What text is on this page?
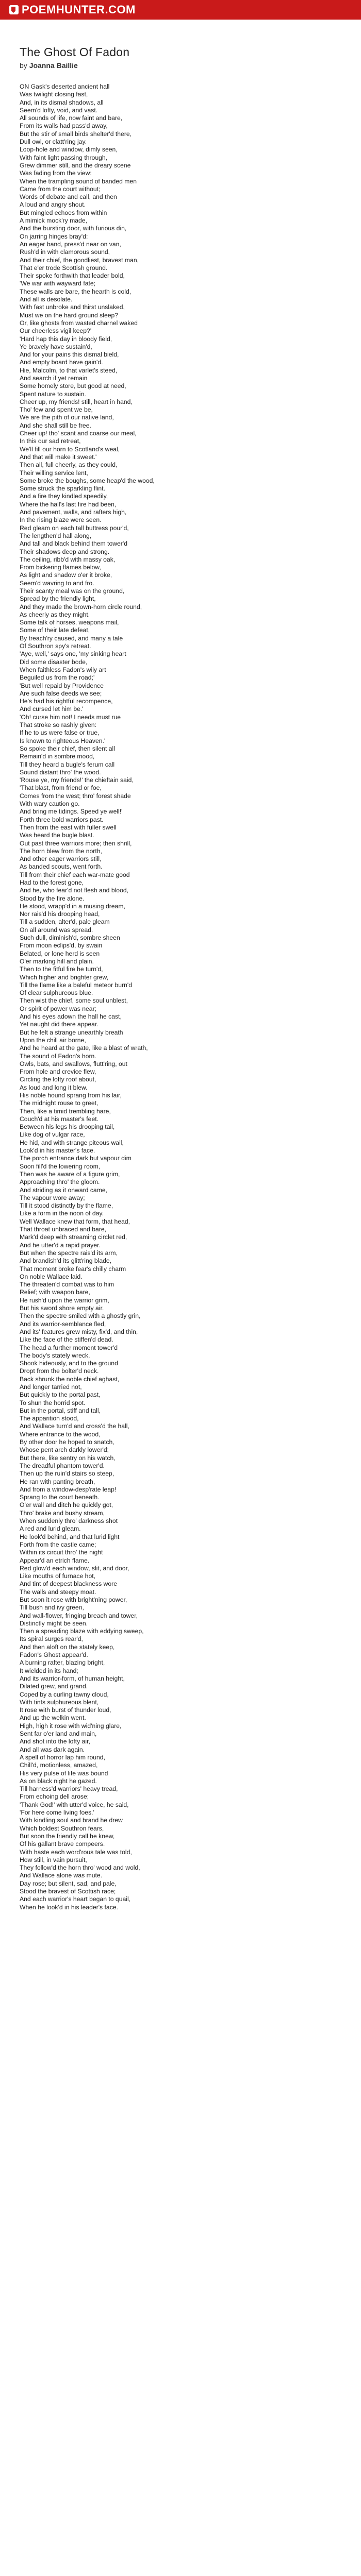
POEMHUNTER.COM
The Ghost Of Fadon
by Joanna Baillie
ON Gask's deserted ancient hall
Was twilight closing fast,
And, in its dismal shadows, all
Seem'd lofty, void, and vast.
All sounds of life, now faint and bare,
From its walls had pass'd away,
But the stir of small birds shelter'd there,
Dull owl, or clatt'ring jay.
Loop-hole and window, dimly seen,
With faint light passing through,
Grew dimmer still, and the dreary scene
Was fading from the view:
When the trampling sound of banded men
Came from the court without;
Words of debate and call, and then
A loud and angry shout.
But mingled echoes from within
A mimick mock'ry made,
And the bursting door, with furious din,
On jarring hinges bray'd:
An eager band, press'd near on van,
Rush'd in with clamorous sound,
And their chief, the goodliest, bravest man,
That e'er trode Scottish ground.
Their spoke forthwith that leader bold,
'We war with wayward fate;
These walls are bare, the hearth is cold,
And all is desolate.
With fast unbroke and thirst unslaked,
Must we on the hard ground sleep?
Or, like ghosts from wasted charnel waked
Our cheerless vigil keep?'
'Hard hap this day in bloody field,
Ye bravely have sustain'd,
And for your pains this dismal bield,
And empty board have gain'd.
Hie, Malcolm, to that varlet's steed,
And search if yet remain
Some homely store, but good at need,
Spent nature to sustain.
Cheer up, my friends! still, heart in hand,
Tho' few and spent we be,
We are the pith of our native land,
And she shall still be free.
Cheer up! tho' scant and coarse our meal,
In this our sad retreat,
We'll fill our horn to Scotland's weal,
And that will make it sweet.'
Then all, full cheerly, as they could,
Their willing service lent,
Some broke the boughs, some heap'd the wood,
Some struck the sparkling flint.
And a fire they kindled speedily,
Where the hall's last fire had been,
And pavement, walls, and rafters high,
In the rising blaze were seen.
Red gleam on each tall buttress pour'd,
The lengthen'd hall along,
And tall and black behind them tower'd
Their shadows deep and strong.
The ceiling, ribb'd with massy oak,
From bickering flames below,
As light and shadow o'er it broke,
Seem'd wavring to and fro.
Their scanty meal was on the ground,
Spread by the friendly light,
And they made the brown-horn circle round,
As cheerly as they might.
Some talk of horses, weapons mail,
Some of their late defeat,
By treach'ry caused, and many a tale
Of Southron spy's retreat.
'Aye, well,' says one, 'my sinking heart
Did some disaster bode,
When faithless Fadon's wily art
Beguiled us from the road;'
'But well repaid by Providence
Are such false deeds we see;
He's had his rightful recompence,
And cursed let him be.'
'Oh! curse him not! I needs must rue
That stroke so rashly given:
If he to us were false or true,
Is known to righteous Heaven.'
So spoke their chief, then silent all
Remain'd in sombre mood,
Till they heard a bugle's ferum call
Sound distant thro' the wood.
'Rouse ye, my friends!' the chieftain said,
'That blast, from friend or foe,
Comes from the west; thro' forest shade
With wary caution go.
And bring me tidings. Speed ye well!'
Forth three bold warriors past.
Then from the east with fuller swell
Was heard the bugle blast.
Out past three warriors more; then shrill,
The horn blew from the north,
And other eager warriors still,
As banded scouts, went forth.
Till from their chief each war-mate good
Had to the forest gone,
And he, who fear'd not flesh and blood,
Stood by the fire alone.
He stood, wrapp'd in a musing dream,
Nor rais'd his drooping head,
Till a sudden, alter'd, pale gleam
On all around was spread.
Such dull, diminish'd, sombre sheen
From moon eclips'd, by swain
Belated, or lone herd is seen
O'er marking hill and plain.
Then to the fitful fire he turn'd,
Which higher and brighter grew,
Till the flame like a baleful meteor burn'd
Of clear sulphureous blue.
Then wist the chief, some soul unblest,
Or spirit of power was near;
And his eyes adown the hall he cast,
Yet naught did there appear.
But he felt a strange unearthly breath
Upon the chill air borne,
And he heard at the gate, like a blast of wrath,
The sound of Fadon's horn.
Owls, bats, and swallows, flutt'ring, out
From hole and crevice flew,
Circling the lofty roof about,
As loud and long it blew.
His noble hound sprang from his lair,
The midnight rouse to greet,
Then, like a timid trembling hare,
Couch'd at his master's feet.
Between his legs his drooping tail,
Like dog of vulgar race,
He hid, and with strange piteous wail,
Look'd in his master's face.
The porch entrance dark but vapour dim
Soon fill'd the lowering room,
Then was he aware of a figure grim,
Approaching thro' the gloom.
And striding as it onward came,
The vapour wore away;
Till it stood distinctly by the flame,
Like a form in the noon of day.
Well Wallace knew that form, that head,
That throat unbraced and bare,
Mark'd deep with streaming circlet red,
And he utter'd a rapid prayer.
But when the spectre rais'd its arm,
And brandish'd its glitt'ring blade,
That moment broke fear's chilly charm
On noble Wallace laid.
The threaten'd combat was to him
Relief; with weapon bare,
He rush'd upon the warrior grim,
But his sword shore empty air.
Then the spectre smiled with a ghostly grin,
And its warrior-semblance fled,
And its' features grew misty, fix'd, and thin,
Like the face of the stiffen'd dead.
The head a further moment tower'd
The body's stately wreck,
Shook hideously, and to the ground
Dropt from the bolter'd neck.
Back shrunk the noble chief aghast,
And longer tarried not,
But quickly to the portal past,
To shun the horrid spot.
But in the portal, stiff and tall,
The apparition stood,
And Wallace turn'd and cross'd the hall,
Where entrance to the wood,
By other door he hoped to snatch,
Whose pent arch darkly lower'd;
But there, like sentry on his watch,
The dreadful phantom tower'd.
Then up the ruin'd stairs so steep,
He ran with panting breath,
And from a window-desp'rate leap!
Sprang to the court beneath.
O'er wall and ditch he quickly got,
Thro' brake and bushy stream,
When suddenly thro' darkness shot
A red and lurid gleam.
He look'd behind, and that lurid light
Forth from the castle came;
Within its circuit thro' the night
Appear'd an etrich flame.
Red glow'd each window, slit, and door,
Like mouths of furnace hot,
And tint of deepest blackness wore
The walls and steepy moat.
But soon it rose with bright'ning power,
Till bush and ivy green,
And wall-flower, fringing breach and tower,
Distinctly might be seen.
Then a spreading blaze with eddying sweep,
Its spiral surges rear'd,
And then aloft on the stately keep,
Fadon's Ghost appear'd.
A burning rafter, blazing bright,
It wielded in its hand;
And its warrior-form, of human height,
Dilated grew, and grand.
Coped by a curling tawny cloud,
With tints sulphureous blent,
It rose with burst of thunder loud,
And up the welkin went.
High, high it rose with wid'ning glare,
Sent far o'er land and main,
And shot into the lofty air,
And all was dark again.
A spell of horror lap him round,
Chill'd, motionless, amazed,
His very pulse of life was bound
As on black night he gazed.
Till harness'd warriors' heavy tread,
From echoing dell arose;
'Thank God!' with utter'd voice, he said,
'For here come living foes.'
With kindling soul and brand he drew
Which boldest Southron fears,
But soon the friendly call he knew,
Of his gallant brave compeers.
With haste each word'rous tale was told,
How still, in vain pursuit,
They follow'd the horn thro' wood and wold,
And Wallace alone was mute.
Day rose; but silent, sad, and pale,
Stood the bravest of Scottish race;
And each warrior's heart began to quail,
When he look'd in his leader's face.
